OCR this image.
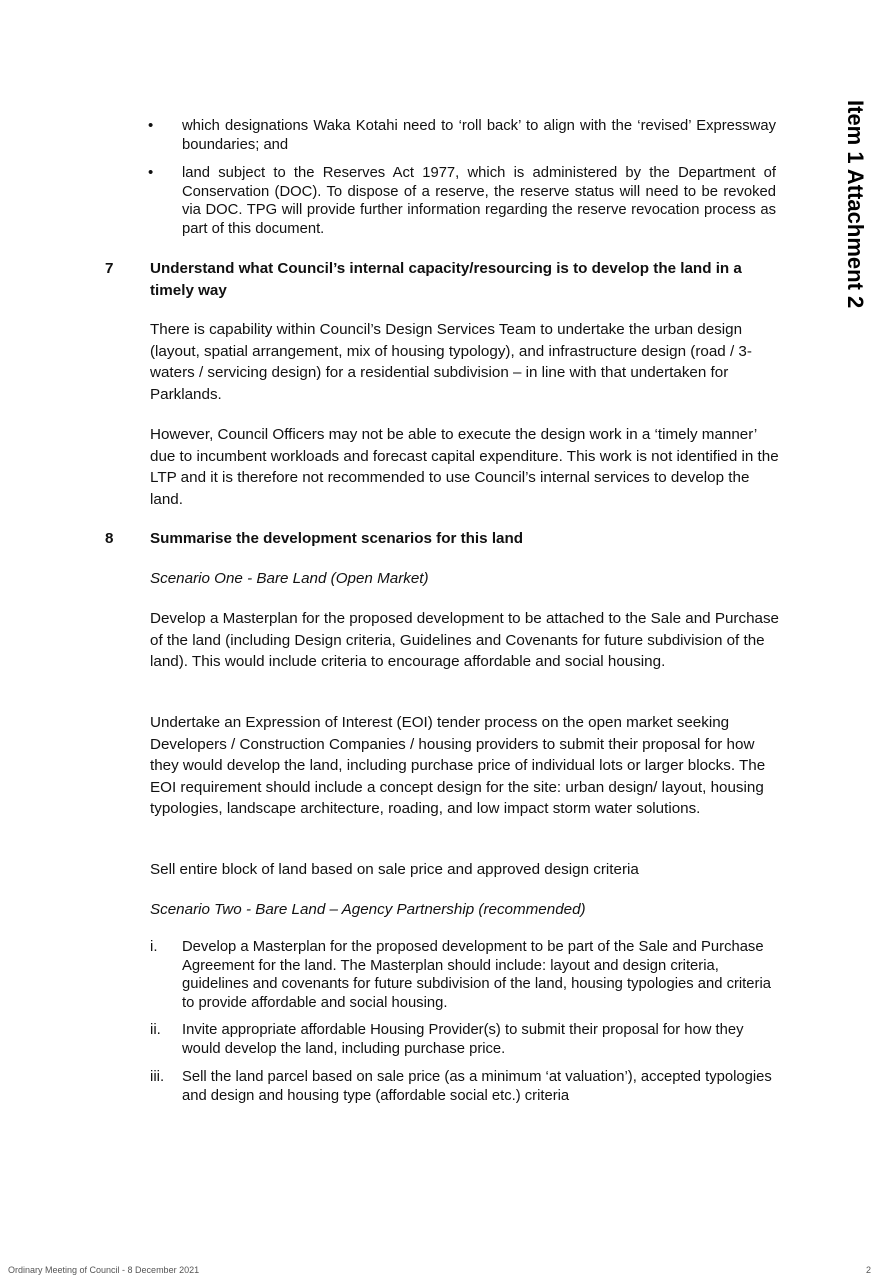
Item 1 Attachment 2
• which designations Waka Kotahi need to ‘roll back’ to align with the ‘revised’ Expressway boundaries; and
• land subject to the Reserves Act 1977, which is administered by the Department of Conservation (DOC). To dispose of a reserve, the reserve status will need to be revoked via DOC. TPG will provide further information regarding the reserve revocation process as part of this document.
7 Understand what Council’s internal capacity/resourcing is to develop the land in a timely way
There is capability within Council’s Design Services Team to undertake the urban design (layout, spatial arrangement, mix of housing typology), and infrastructure design (road / 3-waters / servicing design) for a residential subdivision – in line with that undertaken for Parklands.
However, Council Officers may not be able to execute the design work in a ‘timely manner’ due to incumbent workloads and forecast capital expenditure. This work is not identified in the LTP and it is therefore not recommended to use Council’s internal services to develop the land.
8 Summarise the development scenarios for this land
Scenario One - Bare Land (Open Market)
Develop a Masterplan for the proposed development to be attached to the Sale and Purchase of the land (including Design criteria, Guidelines and Covenants for future subdivision of the land). This would include criteria to encourage affordable and social housing.
Undertake an Expression of Interest (EOI) tender process on the open market seeking Developers / Construction Companies / housing providers to submit their proposal for how they would develop the land, including purchase price of individual lots or larger blocks. The EOI requirement should include a concept design for the site: urban design/ layout, housing typologies, landscape architecture, roading, and low impact storm water solutions.
Sell entire block of land based on sale price and approved design criteria
Scenario Two - Bare Land – Agency Partnership (recommended)
i. Develop a Masterplan for the proposed development to be part of the Sale and Purchase Agreement for the land. The Masterplan should include: layout and design criteria, guidelines and covenants for future subdivision of the land, housing typologies and criteria to provide affordable and social housing.
ii. Invite appropriate affordable Housing Provider(s) to submit their proposal for how they would develop the land, including purchase price.
iii. Sell the land parcel based on sale price (as a minimum ‘at valuation’), accepted typologies and design and housing type (affordable social etc.) criteria
Ordinary Meeting of Council - 8 December 2021	2
